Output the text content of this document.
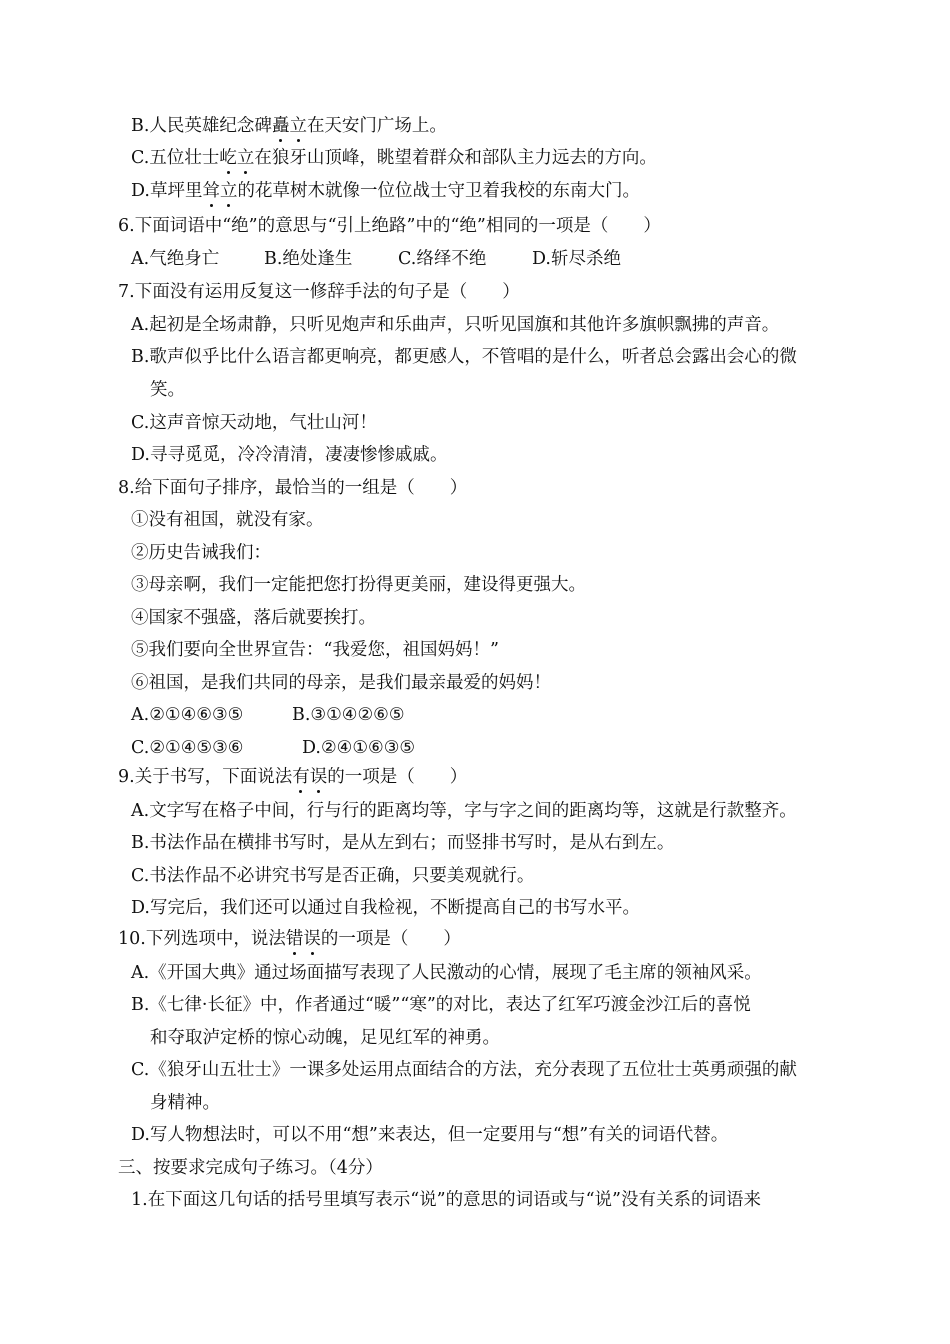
B.人民英雄纪念碑矗立在天安门广场上。
C.五位壮士屹立在狼牙山顶峰，眺望着群众和部队主力远去的方向。
D.草坪里耸立的花草树木就像一位位战士守卫着我校的东南大门。
6.下面词语中“绝”的意思与“引上绝路”中的“绝”相同的一项是（　　）
A.气绝身亡	B.绝处逢生	C.络绎不绝	D.斩尽杀绝
7.下面没有运用反复这一修辞手法的句子是（　　）
A.起初是全场肃静，只听见炮声和乐曲声，只听见国旗和其他许多旗帜飘拂的声音。
B.歌声似乎比什么语言都更响亮，都更感人，不管唱的是什么，听者总会露出会心的微
笑。
C.这声音惊天动地，气壮山河！
D.寻寻觅觅，冷冷清清，凄凄惨惨戚戚。
8.给下面句子排序，最恰当的一组是（　　）
①没有祖国，就没有家。
②历史告诫我们：
③母亲啊，我们一定能把您打扮得更美丽，建设得更强大。
④国家不强盛，落后就要挨打。
⑤我们要向全世界宣告：“我爱您，祖国妈妈！”
⑥祖国，是我们共同的母亲，是我们最亲最爱的妈妈！
A.②①④⑥③⑤	B.③①④②⑥⑤
C.②①④⑤③⑥	D.②④①⑥③⑤
9.关于书写，下面说法有误的一项是（　　）
A.文字写在格子中间，行与行的距离均等，字与字之间的距离均等，这就是行款整齐。
B.书法作品在横排书写时，是从左到右；而竖排书写时，是从右到左。
C.书法作品不必讲究书写是否正确，只要美观就行。
D.写完后，我们还可以通过自我检视，不断提高自己的书写水平。
10.下列选项中，说法错误的一项是（　　）
A.《开国大典》通过场面描写表现了人民激动的心情，展现了毛主席的领袖风采。
B.《七律·长征》中，作者通过“暖”“寒”的对比，表达了红军巧渡金沙江后的喜悦
和夺取泸定桥的惊心动魄，足见红军的神勇。
C.《狼牙山五壮士》一课多处运用点面结合的方法，充分表现了五位壮士英勇顽强的献
身精神。
D.写人物想法时，可以不用“想”来表达，但一定要用与“想”有关的词语代替。
三、按要求完成句子练习。（4分）
1.在下面这几句话的括号里填写表示“说”的意思的词语或与“说”没有关系的词语来
